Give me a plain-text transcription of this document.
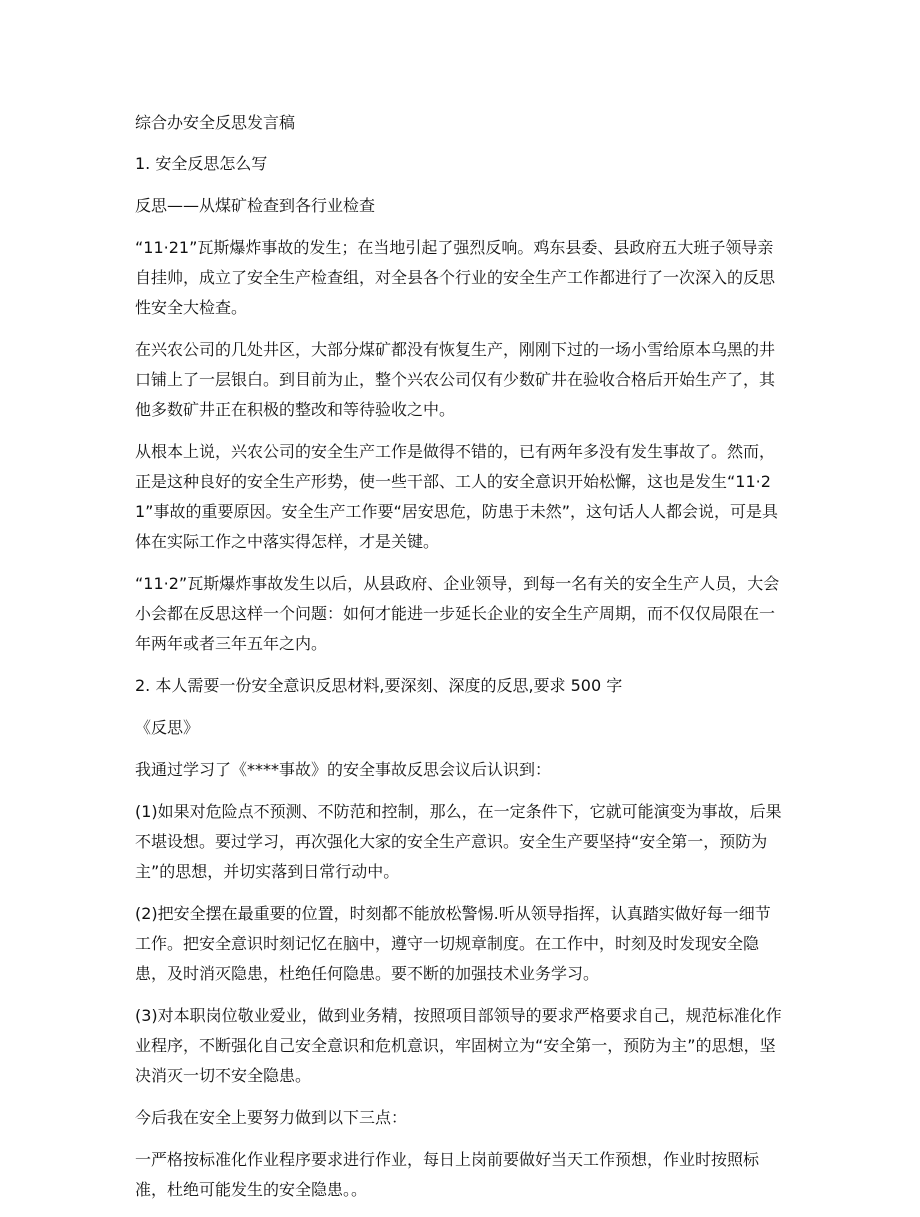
综合办安全反思发言稿

1. 安全反思怎么写

反思——从煤矿检查到各行业检查

“11·21”瓦斯爆炸事故的发生；在当地引起了强烈反响。鸡东县委、县政府五大班子领导亲自挂帅，成立了安全生产检查组，对全县各个行业的安全生产工作都进行了一次深入的反思性安全大检查。

在兴农公司的几处井区，大部分煤矿都没有恢复生产，刚刚下过的一场小雪给原本乌黑的井口铺上了一层银白。到目前为止，整个兴农公司仅有少数矿井在验收合格后开始生产了，其他多数矿井正在积极的整改和等待验收之中。

从根本上说，兴农公司的安全生产工作是做得不错的，已有两年多没有发生事故了。然而，正是这种良好的安全生产形势，使一些干部、工人的安全意识开始松懈，这也是发生“11·21”事故的重要原因。安全生产工作要“居安思危，防患于未然”，这句话人人都会说，可是具体在实际工作之中落实得怎样，才是关键。

“11·2”瓦斯爆炸事故发生以后，从县政府、企业领导，到每一名有关的安全生产人员，大会小会都在反思这样一个问题：如何才能进一步延长企业的安全生产周期，而不仅仅局限在一年两年或者三年五年之内。

2. 本人需要一份安全意识反思材料,要深刻、深度的反思,要求 500 字

《反思》

我通过学习了《****事故》的安全事故反思会议后认识到：

(1)如果对危险点不预测、不防范和控制，那么，在一定条件下，它就可能演变为事故，后果不堪设想。要过学习，再次强化大家的安全生产意识。安全生产要坚持“安全第一，预防为主”的思想，并切实落到日常行动中。

(2)把安全摆在最重要的位置，时刻都不能放松警惕.听从领导指挥，认真踏实做好每一细节工作。把安全意识时刻记忆在脑中，遵守一切规章制度。在工作中，时刻及时发现安全隐患，及时消灭隐患，杜绝任何隐患。要不断的加强技术业务学习。

(3)对本职岗位敬业爱业，做到业务精，按照项目部领导的要求严格要求自己，规范标准化作业程序，不断强化自己安全意识和危机意识，牢固树立为“安全第一，预防为主”的思想，坚决消灭一切不安全隐患。

今后我在安全上要努力做到以下三点：

一严格按标准化作业程序要求进行作业，每日上岗前要做好当天工作预想，作业时按照标准，杜绝可能发生的安全隐患。。
